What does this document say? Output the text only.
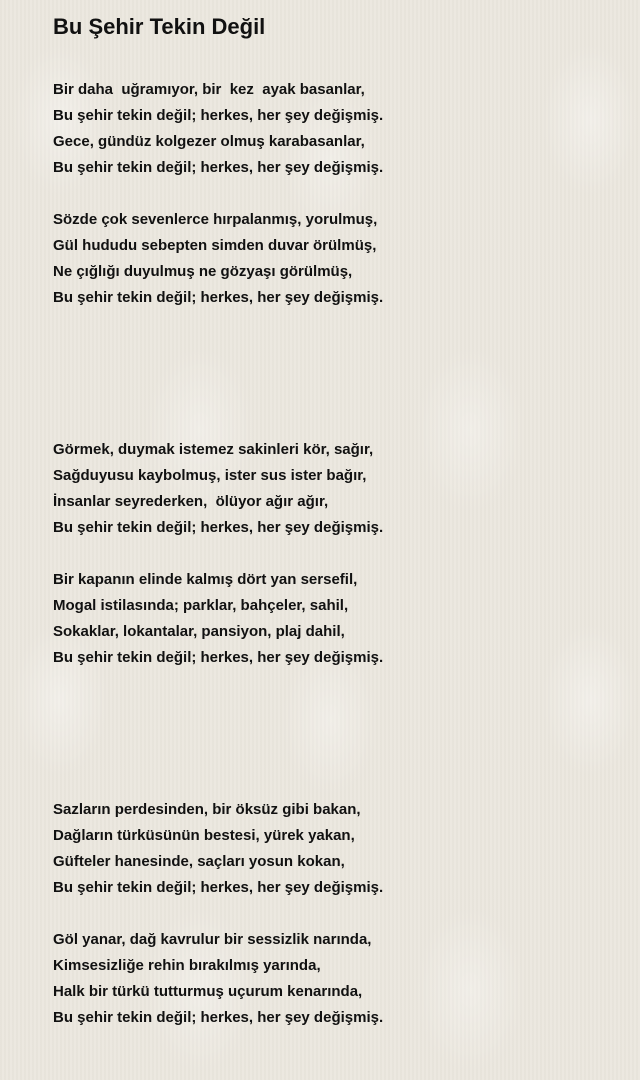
Bu Şehir Tekin Değil
Bir daha  uğramıyor, bir  kez  ayak basanlar,
Bu şehir tekin değil; herkes, her şey değişmiş.
Gece, gündüz kolgezer olmuş karabasanlar,
Bu şehir tekin değil; herkes, her şey değişmiş.
Sözde çok sevenlerce hırpalanmış, yorulmuş,
Gül hududu sebepten simden duvar örülmüş,
Ne çığlığı duyulmuş ne gözyaşı görülmüş,
Bu şehir tekin değil; herkes, her şey değişmiş.
Görmek, duymak istemez sakinleri kör, sağır,
Sağduyusu kaybolmuş, ister sus ister bağır,
İnsanlar seyrederken,  ölüyor ağır ağır,
Bu şehir tekin değil; herkes, her şey değişmiş.
Bir kapanın elinde kalmış dört yan sersefil,
Mogal istilasında; parklar, bahçeler, sahil,
Sokaklar, lokantalar, pansiyon, plaj dahil,
Bu şehir tekin değil; herkes, her şey değişmiş.
Sazların perdesinden, bir öksüz gibi bakan,
Dağların türküsünün bestesi, yürek yakan,
Güfteler hanesinde, saçları yosun kokan,
Bu şehir tekin değil; herkes, her şey değişmiş.
Göl yanar, dağ kavrulur bir sessizlik narında,
Kimsesizliğe rehin bırakılmış yarında,
Halk bir türkü tutturmuş uçurum kenarında,
Bu şehir tekin değil; herkes, her şey değişmiş.
